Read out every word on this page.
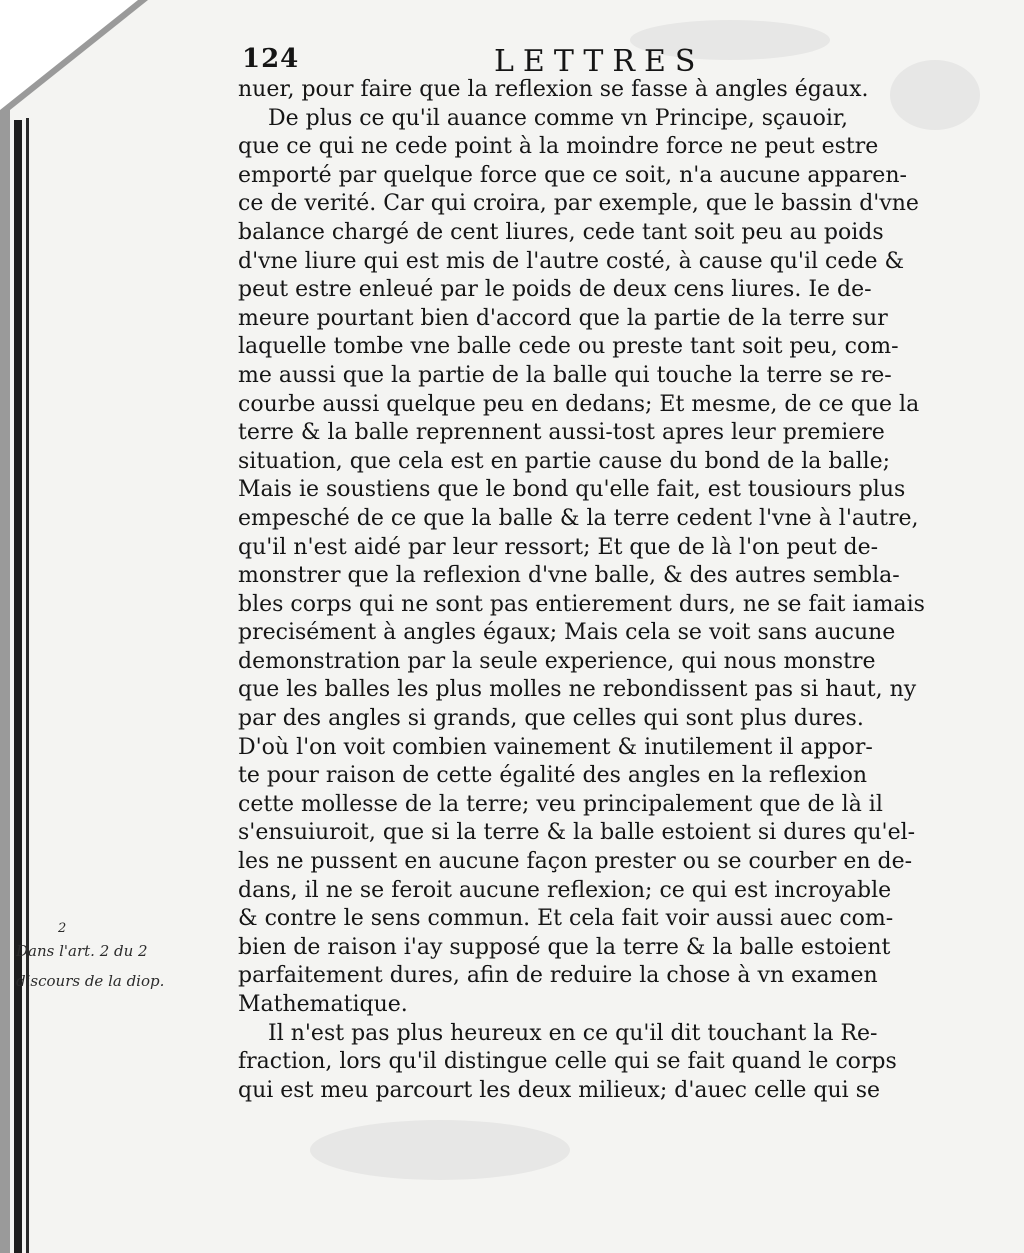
124	LETTRES
nuer, pour faire que la reflexion se fasse à angles égaux.
De plus ce qu'il auance comme vn Principe, sçauoir,
que ce qui ne cede point à la moindre force ne peut estre
emporté par quelque force que ce soit, n'a aucune apparen-
ce de verité. Car qui croira, par exemple, que le bassin d'vne
balance chargé de cent liures, cede tant soit peu au poids
d'vne liure qui est mis de l'autre costé, à cause qu'il cede &
peut estre enleué par le poids de deux cens liures. Ie de-
meure pourtant bien d'accord que la partie de la terre sur
laquelle tombe vne balle cede ou preste tant soit peu, com-
me aussi que la partie de la balle qui touche la terre se re-
courbe aussi quelque peu en dedans; Et mesme, de ce que la
terre & la balle reprennent aussi-tost apres leur premiere
situation, que cela est en partie cause du bond de la balle;
Mais ie soustiens que le bond qu'elle fait, est tousiours plus
empesché de ce que la balle & la terre cedent l'vne à l'autre,
qu'il n'est aidé par leur ressort; Et que de là l'on peut de-
monstrer que la reflexion d'vne balle, & des autres sembla-
bles corps qui ne sont pas entierement durs, ne se fait iamais
precisément à angles égaux; Mais cela se voit sans aucune
demonstration par la seule experience, qui nous monstre
que les balles les plus molles ne rebondissent pas si haut, ny
par des angles si grands, que celles qui sont plus dures.
D'où l'on voit combien vainement & inutilement il appor-
te pour raison de cette égalité des angles en la reflexion
cette mollesse de la terre; veu principalement que de là il
s'ensuiuroit, que si la terre & la balle estoient si dures qu'el-
les ne pussent en aucune façon prester ou se courber en de-
dans, il ne se feroit aucune reflexion; ce qui est incroyable
& contre le sens commun. Et cela fait voir aussi auec com-
bien de raison i'ay supposé que la terre & la balle estoient
parfaitement dures, afin de reduire la chose à vn examen
Mathematique.
Il n'est pas plus heureux en ce qu'il dit touchant la Re-
fraction, lors qu'il distingue celle qui se fait quand le corps
qui est meu parcourt les deux milieux; d'auec celle qui se
2
Dans l'art. 2 du 2
discours de la diop.
